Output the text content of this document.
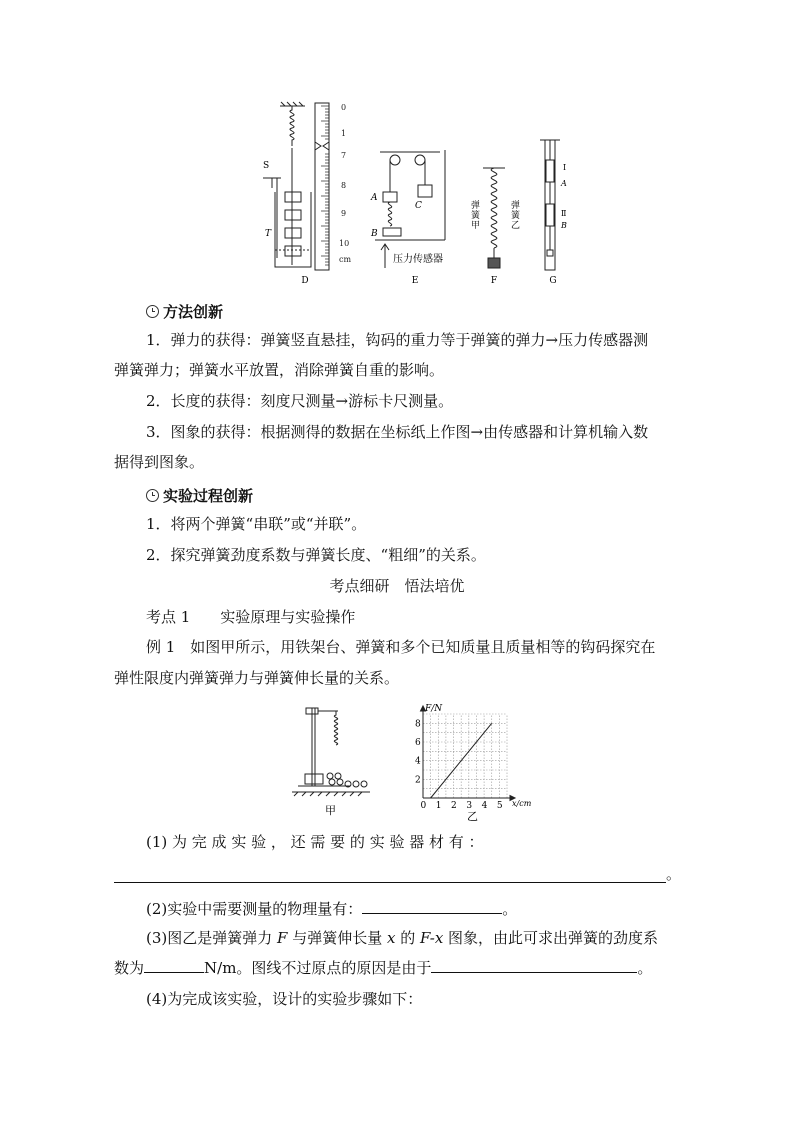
0
1
7
8
9
10
cm
S
T
A
C
B
压力传感器
弹
簧
甲
弹
簧
乙
Ⅰ
A
Ⅱ
B
D	E	F	G
方法创新
1．弹力的获得：弹簧竖直悬挂，钩码的重力等于弹簧的弹力→压力传感器测
弹簧弹力；弹簧水平放置，消除弹簧自重的影响。
2．长度的获得：刻度尺测量→游标卡尺测量。
3．图象的获得：根据测得的数据在坐标纸上作图→由传感器和计算机输入数
据得到图象。
实验过程创新
1．将两个弹簧“串联”或“并联”。
2．探究弹簧劲度系数与弹簧长度、“粗细”的关系。
考点细研　悟法培优
考点 1　　实验原理与实验操作
例 1　如图甲所示，用铁架台、弹簧和多个已知质量且质量相等的钩码探究在
弹性限度内弹簧弹力与弹簧伸长量的关系。
甲	0 1 2 3 4 5
2
4
6
8
F/N
x/cm
乙
(1) 为 完 成 实 验 ， 还 需 要 的 实 验 器 材 有 ：
。
(2)实验中需要测量的物理量有：	。
(3)图乙是弹簧弹力 F 与弹簧伸长量 x 的 F-x 图象，由此可求出弹簧的劲度系
数为	N/m。图线不过原点的原因是由于	。
(4)为完成该实验，设计的实验步骤如下：
